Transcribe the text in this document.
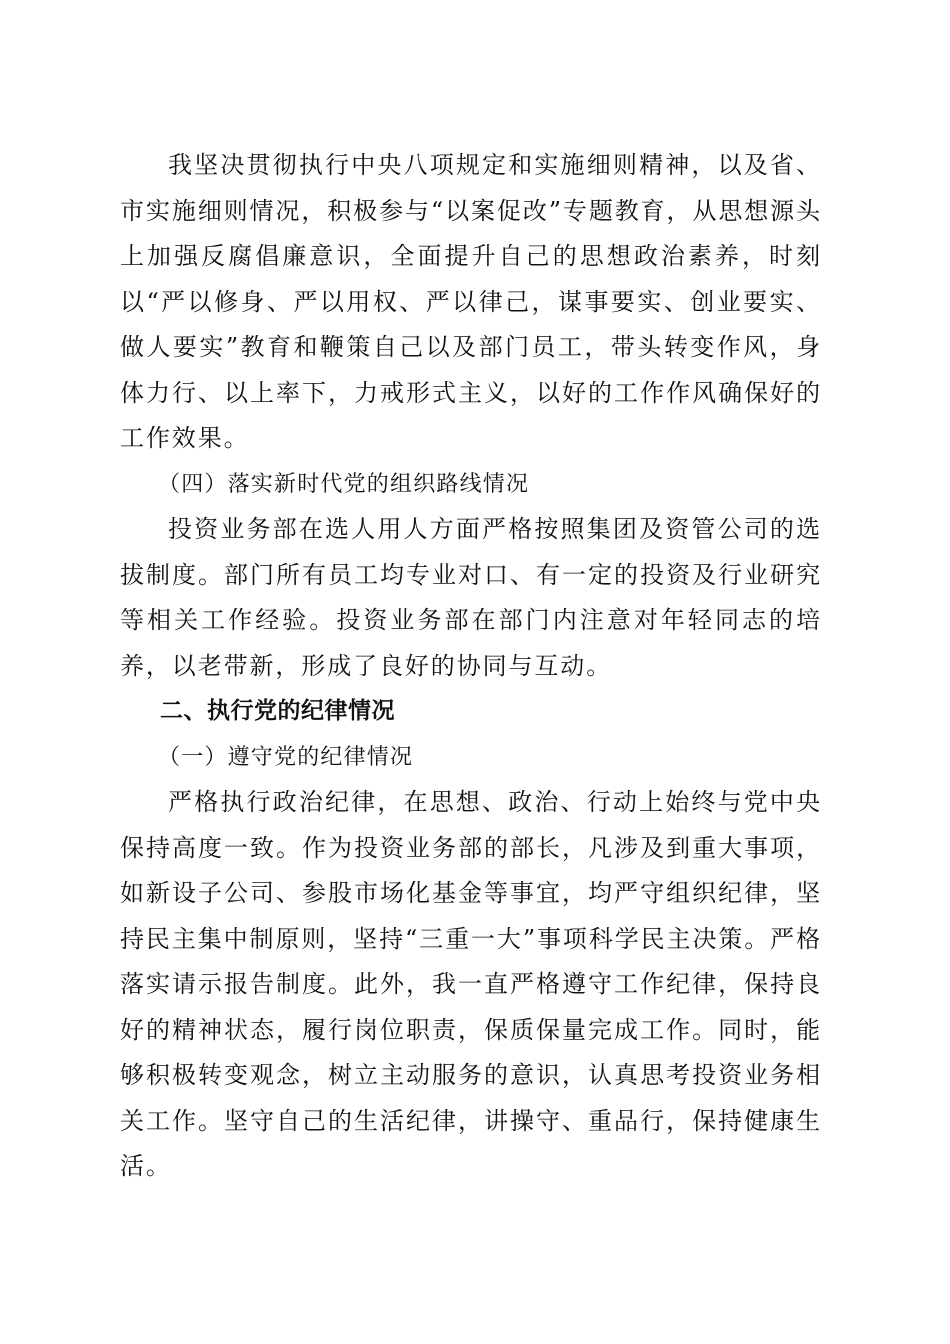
我坚决贯彻执行中央八项规定和实施细则精神，以及省、市实施细则情况，积极参与“以案促改”专题教育，从思想源头上加强反腐倡廉意识，全面提升自己的思想政治素养，时刻以“严以修身、严以用权、严以律己，谋事要实、创业要实、做人要实”教育和鞭策自己以及部门员工，带头转变作风，身体力行、以上率下，力戒形式主义，以好的工作作风确保好的工作效果。

（四）落实新时代党的组织路线情况

投资业务部在选人用人方面严格按照集团及资管公司的选拔制度。部门所有员工均专业对口、有一定的投资及行业研究等相关工作经验。投资业务部在部门内注意对年轻同志的培养，以老带新，形成了良好的协同与互动。

二、执行党的纪律情况

（一）遵守党的纪律情况

严格执行政治纪律，在思想、政治、行动上始终与党中央保持高度一致。作为投资业务部的部长，凡涉及到重大事项，如新设子公司、参股市场化基金等事宜，均严守组织纪律，坚持民主集中制原则，坚持“三重一大”事项科学民主决策。严格落实请示报告制度。此外，我一直严格遵守工作纪律，保持良好的精神状态，履行岗位职责，保质保量完成工作。同时，能够积极转变观念，树立主动服务的意识，认真思考投资业务相关工作。坚守自己的生活纪律，讲操守、重品行，保持健康生活。
